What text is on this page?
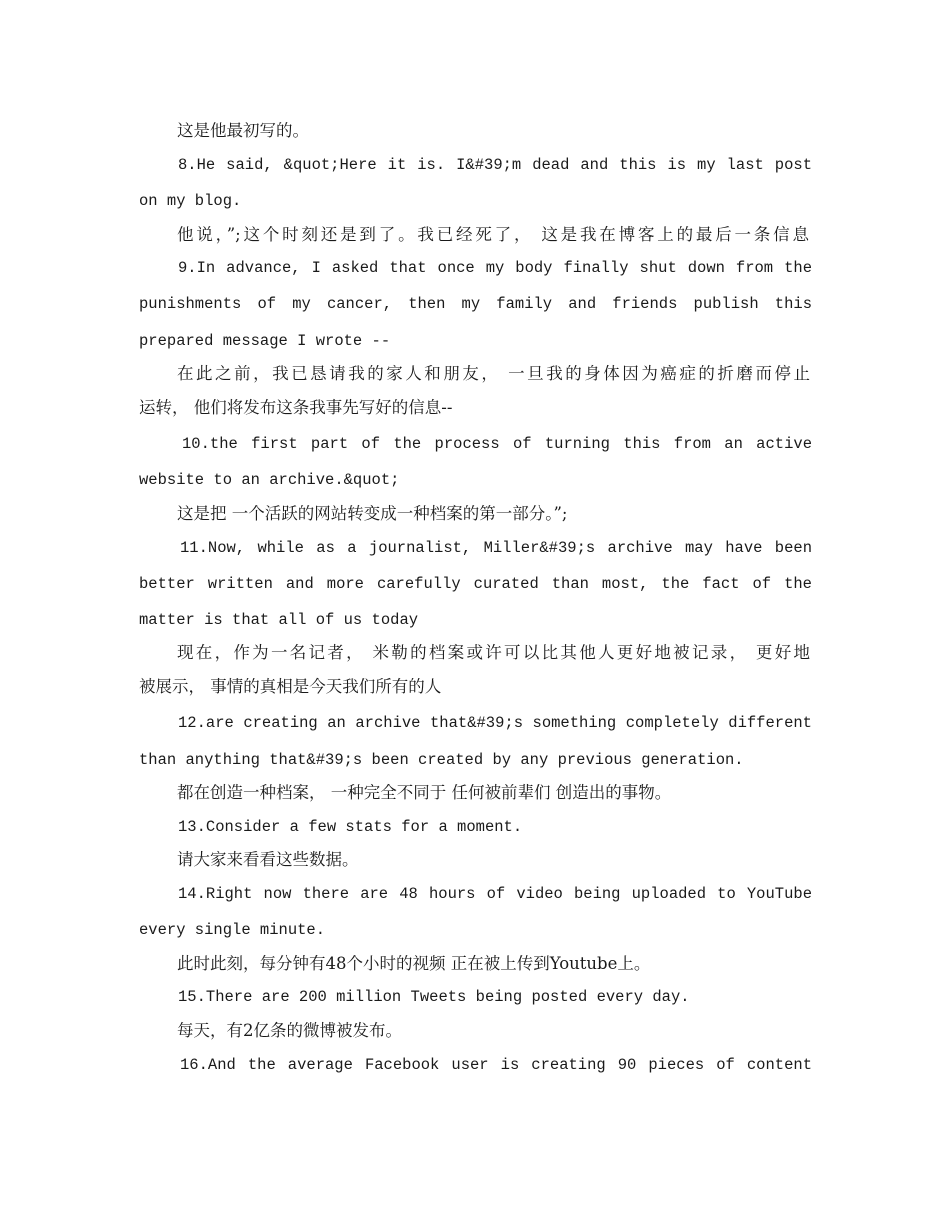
这是他最初写的。
8.He said, &quot;Here it is. I&#39;m dead and this is my last post
on my blog.
他说，”;这个时刻还是到了。我已经死了， 这是我在博客上的最后一条信息
9.In advance, I asked that once my body finally shut down from the
punishments of my cancer, then my family and friends publish this
prepared message I wrote --
在此之前，我已恳请我的家人和朋友， 一旦我的身体因为癌症的折磨而停止
运转， 他们将发布这条我事先写好的信息--
10.the first part of the process of turning this from an active
website to an archive.&quot;
这是把 一个活跃的网站转变成一种档案的第一部分。”;
11.Now, while as a journalist, Miller&#39;s archive may have been
better written and more carefully curated than most, the fact of the
matter is that all of us today
现在，作为一名记者， 米勒的档案或许可以比其他人更好地被记录， 更好地
被展示， 事情的真相是今天我们所有的人
12.are creating an archive that&#39;s something completely different
than anything that&#39;s been created by any previous generation.
都在创造一种档案， 一种完全不同于 任何被前辈们 创造出的事物。
13.Consider a few stats for a moment.
请大家来看看这些数据。
14.Right now there are 48 hours of video being uploaded to YouTube
every single minute.
此时此刻，每分钟有48个小时的视频 正在被上传到Youtube上。
15.There are 200 million Tweets being posted every day.
每天，有2亿条的微博被发布。
16.And the average Facebook user is creating 90 pieces of content
